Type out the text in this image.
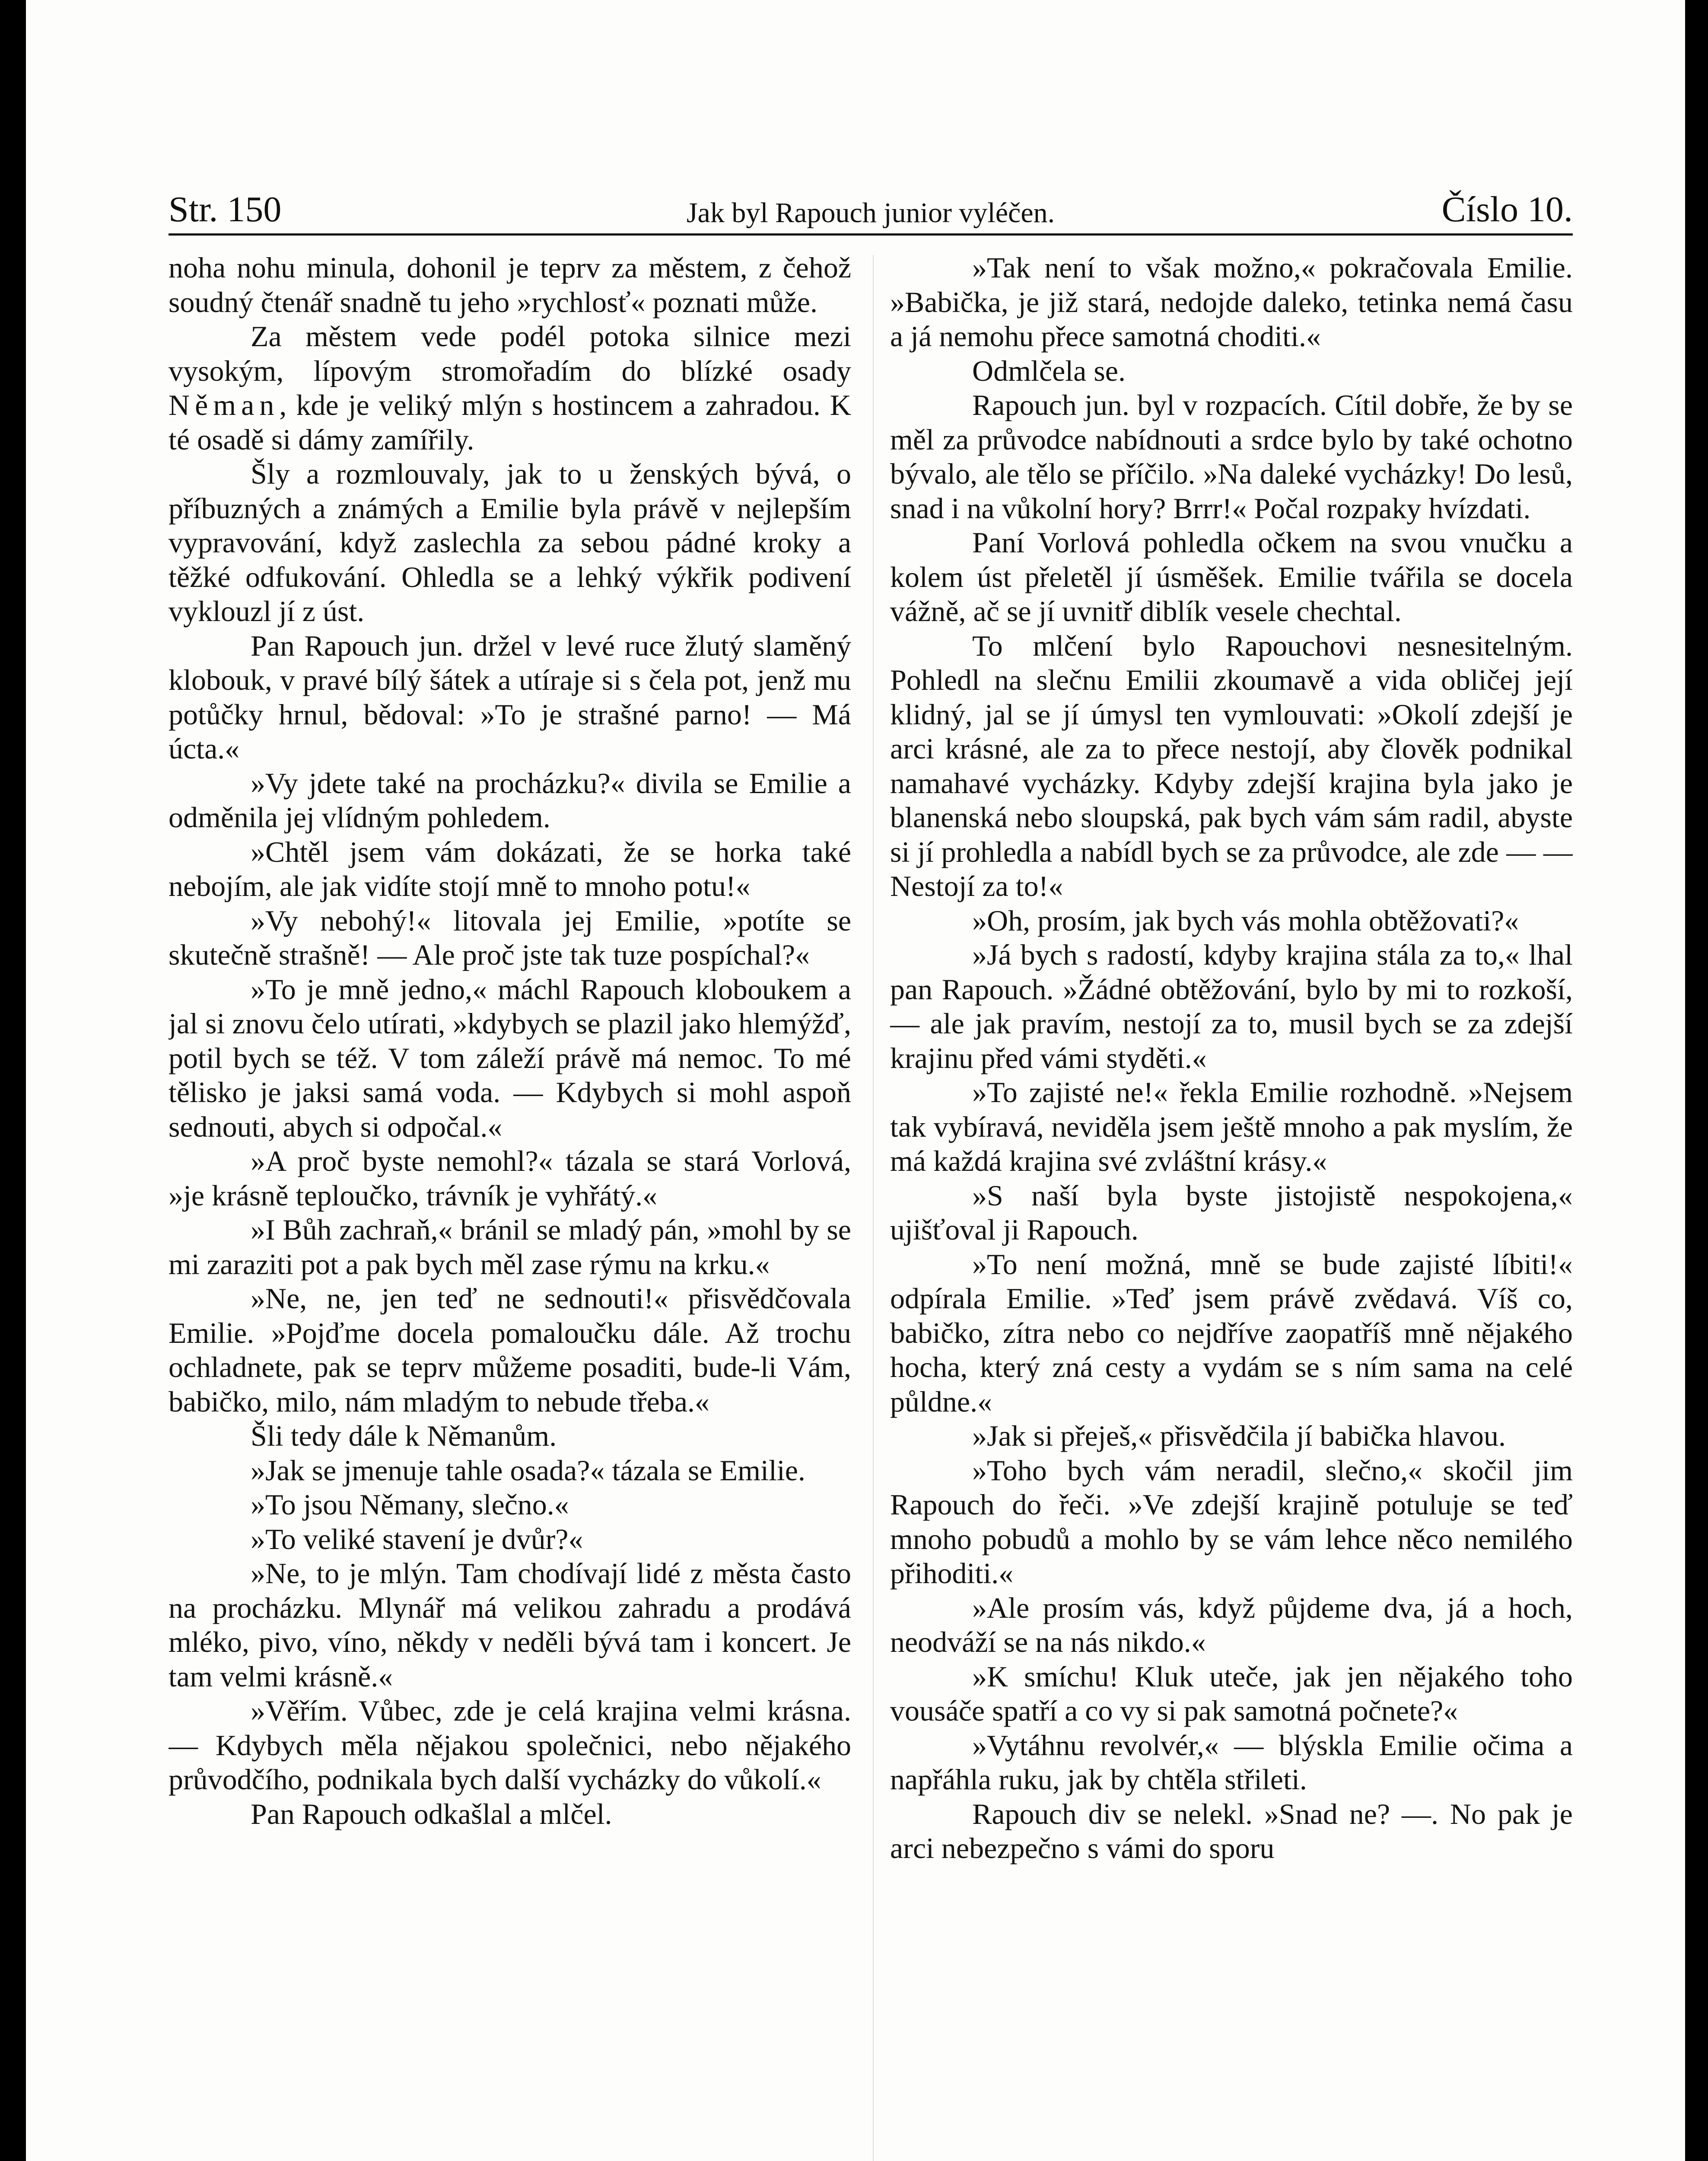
Str. 150	Jak byl Rapouch junior vyléčen.	Číslo 10.

noha nohu minula, dohonil je teprv za městem, z čehož soudný čtenář snadně tu jeho »rychlosť« poznati může.

Za městem vede podél potoka silnice mezi vysokým, lípovým stromořadím do blízké osady Něman, kde je veliký mlýn s hostincem a zahradou. K té osadě si dámy zamířily.

Šly a rozmlouvaly, jak to u ženských bývá, o příbuzných a známých a Emilie byla právě v nejlepším vypravování, když zaslechla za sebou pádné kroky a těžké odfukování. Ohledla se a lehký výkřik podivení vyklouzl jí z úst.

Pan Rapouch jun. držel v levé ruce žlutý slaměný klobouk, v pravé bílý šátek a utíraje si s čela pot, jenž mu potůčky hrnul, bědoval: »To je strašné parno! — Má úcta.«

»Vy jdete také na procházku?« divila se Emilie a odměnila jej vlídným pohledem.

»Chtěl jsem vám dokázati, že se horka také nebojím, ale jak vidíte stojí mně to mnoho potu!«

»Vy nebohý!« litovala jej Emilie, »potíte se skutečně strašně! — Ale proč jste tak tuze pospíchal?«

»To je mně jedno,« máchl Rapouch kloboukem a jal si znovu čelo utírati, »kdybych se plazil jako hlemýžď, potil bych se též. V tom záleží právě má nemoc. To mé tělisko je jaksi samá voda. — Kdybych si mohl aspoň sednouti, abych si odpočal.«

»A proč byste nemohl?« tázala se stará Vorlová, »je krásně teploučko, trávník je vyhřátý.«

»I Bůh zachraň,« bránil se mladý pán, »mohl by se mi zaraziti pot a pak bych měl zase rýmu na krku.«

»Ne, ne, jen teď ne sednouti!« přisvědčovala Emilie. »Pojďme docela pomaloučku dále. Až trochu ochladnete, pak se teprv můžeme posaditi, bude-li Vám, babičko, milo, nám mladým to nebude třeba.«

Šli tedy dále k Němanům.

»Jak se jmenuje tahle osada?« tázala se Emilie.

»To jsou Němany, slečno.«

»To veliké stavení je dvůr?«

»Ne, to je mlýn. Tam chodívají lidé z města často na procházku. Mlynář má velikou zahradu a prodává mléko, pivo, víno, někdy v neděli bývá tam i koncert. Je tam velmi krásně.«

»Věřím. Vůbec, zde je celá krajina velmi krásna. — Kdybych měla nějakou společnici, nebo nějakého průvodčího, podnikala bych další vycházky do vůkolí.«

Pan Rapouch odkašlal a mlčel.

»Tak není to však možno,« pokračovala Emilie. »Babička, je již stará, nedojde daleko, tetinka nemá času a já nemohu přece samotná choditi.«

Odmlčela se.

Rapouch jun. byl v rozpacích. Cítil dobře, že by se měl za průvodce nabídnouti a srdce bylo by také ochotno bývalo, ale tělo se příčilo. »Na daleké vycházky! Do lesů, snad i na vůkolní hory? Brrr!« Počal rozpaky hvízdati.

Paní Vorlová pohledla očkem na svou vnučku a kolem úst přeletěl jí úsměšek. Emilie tvářila se docela vážně, ač se jí uvnitř diblík vesele chechtal.

To mlčení bylo Rapouchovi nesnesitelným. Pohledl na slečnu Emilii zkoumavě a vida obličej její klidný, jal se jí úmysl ten vymlouvati: »Okolí zdejší je arci krásné, ale za to přece nestojí, aby člověk podnikal namahavé vycházky. Kdyby zdejší krajina byla jako je blanenská nebo sloupská, pak bych vám sám radil, abyste si jí prohledla a nabídl bych se za průvodce, ale zde — — Nestojí za to!«

»Oh, prosím, jak bych vás mohla obtěžovati?«

»Já bych s radostí, kdyby krajina stála za to,« lhal pan Rapouch. »Žádné obtěžování, bylo by mi to rozkoší, — ale jak pravím, nestojí za to, musil bych se za zdejší krajinu před vámi styděti.«

»To zajisté ne!« řekla Emilie rozhodně. »Nejsem tak vybíravá, neviděla jsem ještě mnoho a pak myslím, že má každá krajina své zvláštní krásy.«

»S naší byla byste jistojistě nespokojena,« ujišťoval ji Rapouch.

»To není možná, mně se bude zajisté líbiti!« odpírala Emilie. »Teď jsem právě zvědavá. Víš co, babičko, zítra nebo co nejdříve zaopatříš mně nějakého hocha, který zná cesty a vydám se s ním sama na celé půldne.«

»Jak si přeješ,« přisvědčila jí babička hlavou.

»Toho bych vám neradil, slečno,« skočil jim Rapouch do řeči. »Ve zdejší krajině potuluje se teď mnoho pobudů a mohlo by se vám lehce něco nemilého přihoditi.«

»Ale prosím vás, když půjdeme dva, já a hoch, neodváží se na nás nikdo.«

»K smíchu! Kluk uteče, jak jen nějakého toho vousáče spatří a co vy si pak samotná počnete?«

»Vytáhnu revolvér,« — blýskla Emilie očima a napřáhla ruku, jak by chtěla střileti.

Rapouch div se nelekl. »Snad ne? —. No pak je arci nebezpečno s vámi do sporu
